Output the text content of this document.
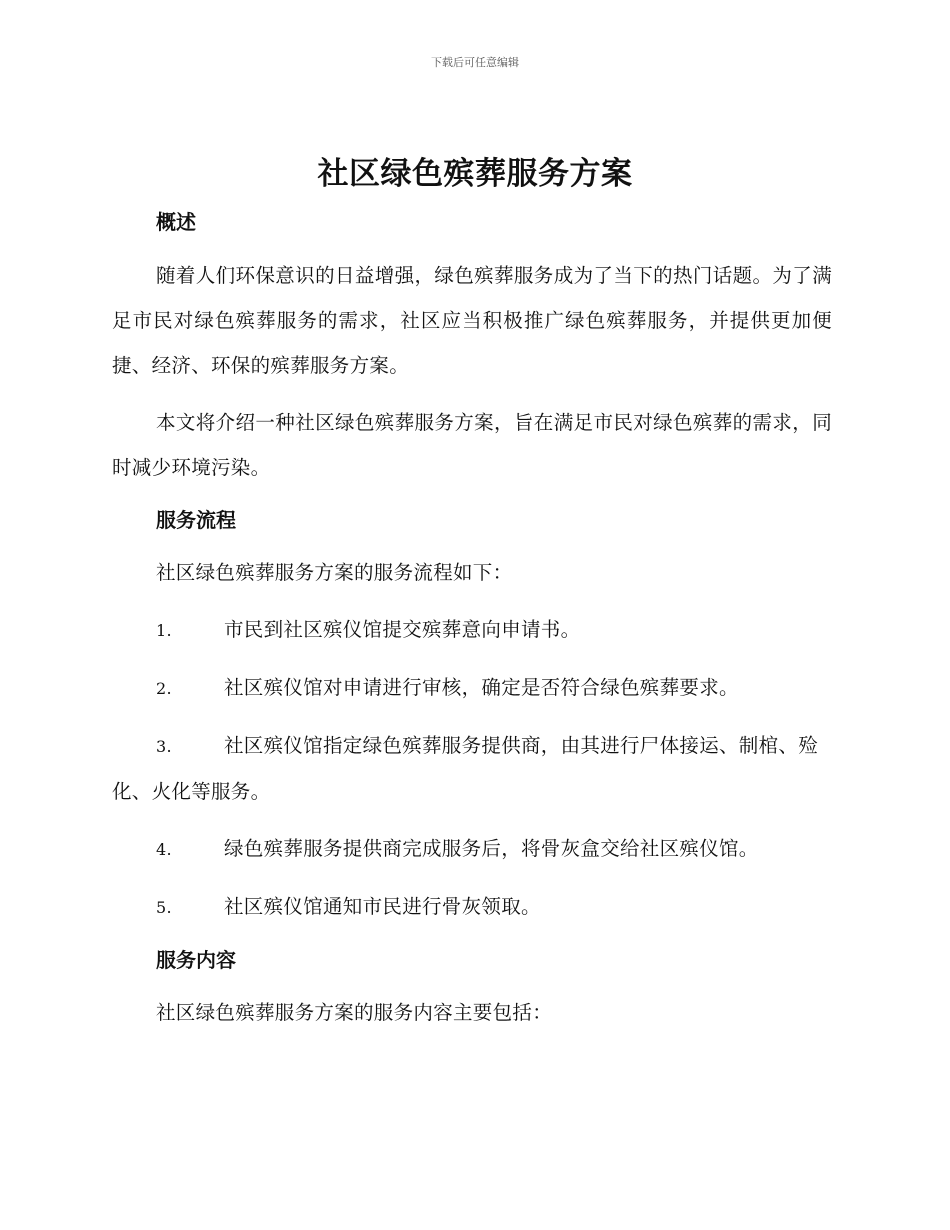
下载后可任意编辑
社区绿色殡葬服务方案
概述

随着人们环保意识的日益增强，绿色殡葬服务成为了当下的热门话题。为了满足市民对绿色殡葬服务的需求，社区应当积极推广绿色殡葬服务，并提供更加便捷、经济、环保的殡葬服务方案。

本文将介绍一种社区绿色殡葬服务方案，旨在满足市民对绿色殡葬的需求，同时减少环境污染。

服务流程

社区绿色殡葬服务方案的服务流程如下：

1.	市民到社区殡仪馆提交殡葬意向申请书。

2.	社区殡仪馆对申请进行审核，确定是否符合绿色殡葬要求。

3.	社区殡仪馆指定绿色殡葬服务提供商，由其进行尸体接运、制棺、殓化、火化等服务。

4.	绿色殡葬服务提供商完成服务后，将骨灰盒交给社区殡仪馆。

5.	社区殡仪馆通知市民进行骨灰领取。

服务内容

社区绿色殡葬服务方案的服务内容主要包括：
